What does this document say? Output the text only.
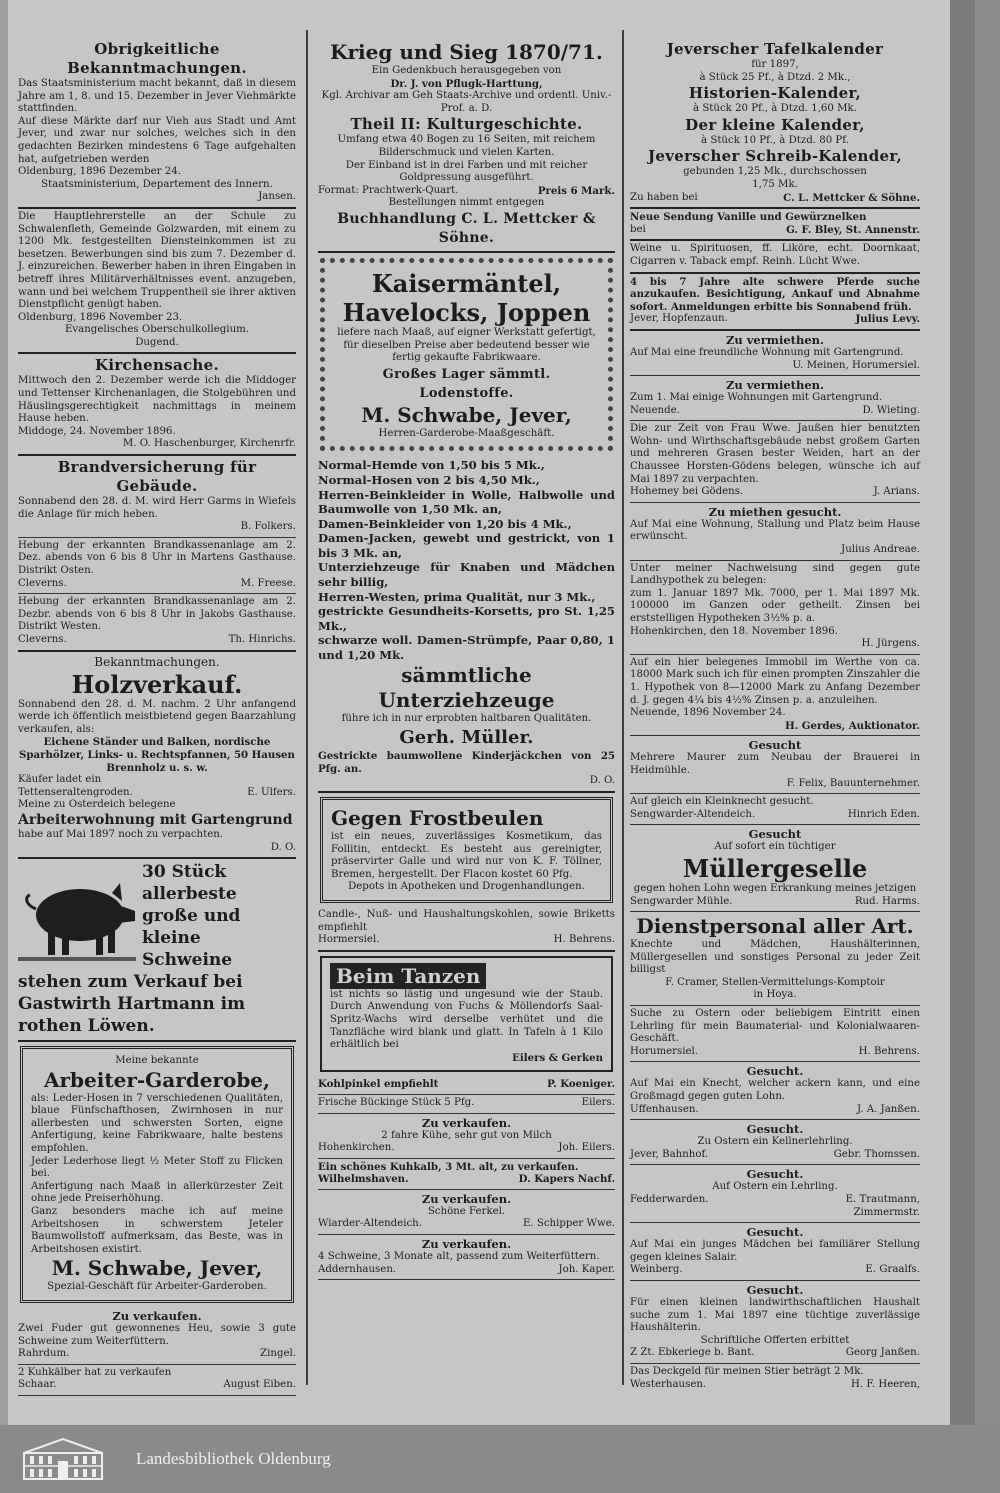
Obrigkeitliche Bekanntmachungen.

Das Staatsministerium macht bekannt, daß in diesem Jahre am 1, 8. und 15. Dezember in Jever Viehmärkte stattfinden.

Auf diese Märkte darf nur Vieh aus Stadt und Amt Jever, und zwar nur solches, welches sich in den gedachten Bezirken mindestens 6 Tage aufgehalten hat, aufgetrieben werden

Oldenburg, 1896 Dezember 24.

Staatsministerium, Departement des Innern.

Jansen.

Die Hauptlehrerstelle an der Schule zu Schwalenfleth, Gemeinde Golzwarden, mit einem zu 1200 Mk. festgestellten Diensteinkommen ist zu besetzen. Bewerbungen sind bis zum 7. Dezember d. J. einzureichen. Bewerber haben in ihren Eingaben in betreff ihres Militärverhältnisses event. anzugeben, wann und bei welchem Truppentheil sie ihrer aktiven Dienstpflicht genügt haben.

Oldenburg, 1896 November 23.

Evangelisches Oberschulkollegium.

Dugend.

Kirchensache.

Mittwoch den 2. Dezember werde ich die Middoger und Tettenser Kirchenanlagen, die Stolgebühren und Häuslingsgerechtigkeit nachmittags in meinem Hause heben.

Middoge, 24. November 1896.

M. O. Haschenburger, Kirchenrfr.

Brandversicherung für Gebäude.

Sonnabend den 28. d. M. wird Herr Garms in Wiefels die Anlage für mich heben.

B. Folkers.

Hebung der erkannten Brandkassenanlage am 2. Dez. abends von 6 bis 8 Uhr in Martens Gasthause. Distrikt Osten.

Cleverns.	M. Freese.

Hebung der erkannten Brandkassenanlage am 2. Dezbr. abends von 6 bis 8 Uhr in Jakobs Gasthause. Distrikt Westen.

Cleverns.	Th. Hinrichs.
Bekanntmachungen.
Holzverkauf.

Sonnabend den 28. d. M. nachm. 2 Uhr anfangend werde ich öffentlich meistbietend gegen Baarzahlung verkaufen, als:

Eichene Ständer und Balken, nordische Sparhölzer, Links- u. Rechtspfannen, 50 Hausen Brennholz u. s. w.

Käufer ladet ein

Tettenseraltengroden.	E. Ulfers.

Meine zu Osterdeich belegene

Arbeiterwohnung mit Gartengrund

habe auf Mai 1897 noch zu verpachten.

D. O.

30 Stück allerbeste große und kleine Schweine stehen zum Verkauf bei Gastwirth Hartmann im rothen Löwen.

Meine bekannte

Arbeiter-Garderobe,

als: Leder-Hosen in 7 verschiedenen Qualitäten, blaue Fünfschafthosen, Zwirnhosen in nur allerbesten und schwersten Sorten, eigne Anfertigung, keine Fabrikwaare, halte bestens empfohlen.

Jeder Lederhose liegt ½ Meter Stoff zu Flicken bei.

Anfertigung nach Maaß in allerkürzester Zeit ohne jede Preiserhöhung.

Ganz besonders mache ich auf meine Arbeitshosen in schwerstem Jeteler Baumwollstoff aufmerksam, das Beste, was in Arbeitshosen existirt.

M. Schwabe, Jever,

Spezial-Geschäft für Arbeiter-Garderoben.

Zu verkaufen.

Zwei Fuder gut gewonnenes Heu, sowie 3 gute Schweine zum Weiterfüttern.

Rahrdum.	Zingel.

2 Kuhkälber hat zu verkaufen

Schaar.	August Eiben.
Krieg und Sieg 1870/71.

Ein Gedenkbuch herausgegeben von

Dr. J. von Pflugk-Harttung,

Kgl. Archivar am Geh Staats-Archive und ordentl. Univ.-Prof. a. D.

Theil II: Kulturgeschichte.

Umfang etwa 40 Bogen zu 16 Seiten, mit reichem Bilderschmuck und vielen Karten.

Der Einband ist in drei Farben und mit reicher Goldpressung ausgeführt.

Format: Prachtwerk-Quart.	Preis 6 Mark.

Bestellungen nimmt entgegen

Buchhandlung C. L. Mettcker & Söhne.
Kaisermäntel,
Havelocks, Joppen

liefere nach Maaß, auf eigner Werkstatt gefertigt, für dieselben Preise aber bedeutend besser wie fertig gekaufte Fabrikwaare.

Großes Lager sämmtl. Lodenstoffe.
M. Schwabe, Jever,

Herren-Garderobe-Maaßgeschäft.

Normal-Hemde von 1,50 bis 5 Mk.,
Normal-Hosen von 2 bis 4,50 Mk.,
Herren-Beinkleider in Wolle, Halbwolle und Baumwolle von 1,50 Mk. an,
Damen-Beinkleider von 1,20 bis 4 Mk.,
Damen-Jacken, gewebt und gestrickt, von 1 bis 3 Mk. an,
Unterziehzeuge für Knaben und Mädchen sehr billig,
Herren-Westen, prima Qualität, nur 3 Mk.,
gestrickte Gesundheits-Korsetts, pro St. 1,25 Mk.,
schwarze woll. Damen-Strümpfe, Paar 0,80, 1 und 1,20 Mk.
sämmtliche Unterziehzeuge

führe ich in nur erprobten haltbaren Qualitäten.

Gerh. Müller.

Gestrickte baumwollene Kinderjäckchen von 25 Pfg. an.

D. O.

Gegen Frostbeulen

ist ein neues, zuverlässiges Kosmetikum, das Follitin, entdeckt. Es besteht aus gereinigter, präservirter Galle und wird nur von K. F. Töllner, Bremen, hergestellt. Der Flacon kostet 60 Pfg.

Depots in Apotheken und Drogenhandlungen.

Candle-, Nuß- und Haushaltungskohlen, sowie Briketts empfiehlt

Hormersiel.	H. Behrens.
Beim Tanzen

ist nichts so lästig und ungesund wie der Staub. Durch Anwendung von Fuchs & Möllendorfs Saal-Spritz-Wachs wird derselbe verhütet und die Tanzfläche wird blank und glatt. In Tafeln à 1 Kilo erhältlich bei

Eilers & Gerken

Kohlpinkel empfiehlt	P. Koeniger.
Frische Bückinge Stück 5 Pfg.	Eilers.
Zu verkaufen.

2 fahre Kühe, sehr gut von Milch

Hohenkirchen.	Joh. Eilers.

Ein schönes Kuhkalb, 3 Mt. alt, zu verkaufen.

Wilhelmshaven.	D. Kapers Nachf.
Zu verkaufen.

Schöne Ferkel.

Wiarder-Altendeich.	E. Schipper Wwe.
Zu verkaufen.

4 Schweine, 3 Monate alt, passend zum Weiterfüttern.

Addernhausen.	Joh. Kaper.
Jeverscher Tafelkalender

für 1897,

à Stück 25 Pf., à Dtzd. 2 Mk.,

Historien-Kalender,

à Stück 20 Pf., à Dtzd. 1,60 Mk.

Der kleine Kalender,

à Stück 10 Pf., à Dtzd. 80 Pf.

Jeverscher Schreib-Kalender,

gebunden 1,25 Mk., durchschossen

1,75 Mk.

Zu haben bei	C. L. Mettcker & Söhne.

Neue Sendung Vanille und Gewürznelken

bei	G. F. Bley, St. Annenstr.

Weine u. Spirituosen, ff. Liköre, echt. Doornkaat, Cigarren v. Taback empf. Reinh. Lücht Wwe.

4 bis 7 Jahre alte schwere Pferde suche anzukaufen. Besichtigung, Ankauf und Abnahme sofort. Anmeldungen erbitte bis Sonnabend früh.

Jever, Hopfenzaun.	Julius Levy.
Zu vermiethen.

Auf Mai eine freundliche Wohnung mit Gartengrund.

U. Meinen, Horumersiel.

Zu vermiethen.

Zum 1. Mai einige Wohnungen mit Gartengrund.

Neuende.	D. Wieting.

Die zur Zeit von Frau Wwe. Jaußen hier benutzten Wohn- und Wirthschaftsgebäude nebst großem Garten und mehreren Grasen bester Weiden, hart an der Chaussee Horsten-Gödens belegen, wünsche ich auf Mai 1897 zu verpachten.

Hohemey bei Gödens.	J. Arians.
Zu miethen gesucht.

Auf Mai eine Wohnung, Stallung und Platz beim Hause erwünscht.

Julius Andreae.

Unter meiner Nachweisung sind gegen gute Landhypothek zu belegen:

zum 1. Januar 1897 Mk. 7000, per 1. Mai 1897 Mk. 100000 im Ganzen oder getheilt. Zinsen bei erststelligen Hypotheken 3½% p. a.

Hohenkirchen, den 18. November 1896.

H. Jürgens.

Auf ein hier belegenes Immobil im Werthe von ca. 18000 Mark such ich für einen prompten Zinszahler die 1. Hypothek von 8—12000 Mark zu Anfang Dezember d. J. gegen 4¼ bis 4½% Zinsen p. a. anzuleihen.

Neuende, 1896 November 24.

H. Gerdes, Auktionator.

Gesucht

Mehrere Maurer zum Neubau der Brauerei in Heidmühle.

F. Felix, Bauunternehmer.

Auf gleich ein Kleinknecht gesucht.

Sengwarder-Altendeich.	Hinrich Eden.
Gesucht

Auf sofort ein tüchtiger

Müllergeselle

gegen hohen Lohn wegen Erkrankung meines jetzigen

Sengwarder Mühle.	Rud. Harms.
Dienstpersonal aller Art.

Knechte und Mädchen, Haushälterinnen, Müllergesellen und sonstiges Personal zu jeder Zeit billigst

F. Cramer, Stellen-Vermittelungs-Komptoir

in Hoya.

Suche zu Ostern oder beliebigem Eintritt einen Lehrling für mein Baumaterial- und Kolonialwaaren-Geschäft.

Horumersiel.	H. Behrens.
Gesucht.

Auf Mai ein Knecht, welcher ackern kann, und eine Großmagd gegen guten Lohn.

Uffenhausen.	J. A. Janßen.
Gesucht.

Zu Ostern ein Kellnerlehrling.

Jever, Bahnhof.	Gebr. Thomssen.
Gesucht.

Auf Ostern ein Lehrling.

Fedderwarden.	E. Trautmann,

Zimmermstr.

Gesucht.

Auf Mai ein junges Mädchen bei familiärer Stellung gegen kleines Salair.

Weinberg.	E. Graalfs.
Gesucht.

Für einen kleinen landwirthschaftlichen Haushalt suche zum 1. Mai 1897 eine tüchtige zuverlässige Haushälterin.

Schriftliche Offerten erbittet

Z Zt. Ebkeriege b. Bant.	Georg Janßen.

Das Deckgeld für meinen Stier beträgt 2 Mk.

Westerhausen.	H. F. Heeren,
Landesbibliothek Oldenburg
